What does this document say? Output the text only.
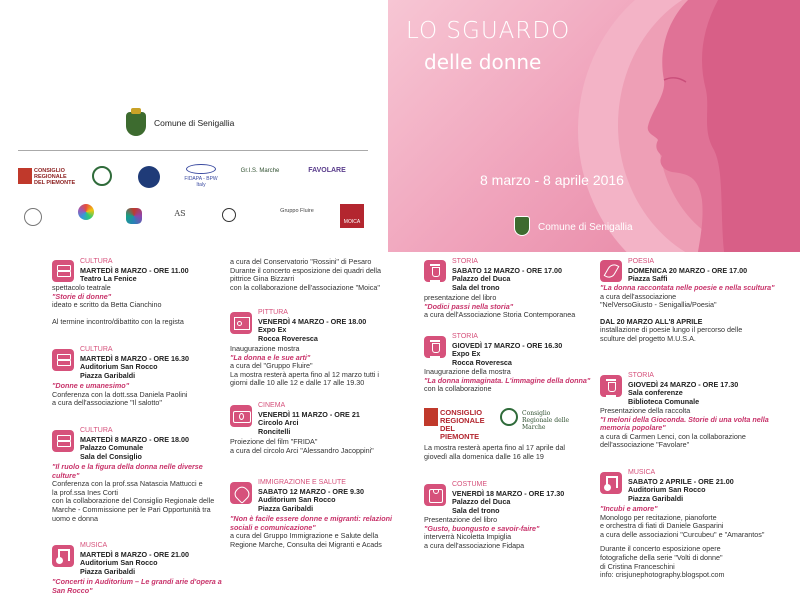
Comune di Senigallia
CONSIGLIO REGIONALE DEL PIEMONTE
FIDAPA - BPW Italy
Gr.I.S. Marche	FAVOLARE
AS	Gruppo Fluire
MOICA
LO SGUARDO
delle donne
8 marzo - 8 aprile 2016
Comune di Senigallia
CULTURA
MARTEDÌ 8 MARZO - ORE 11.00
Teatro La Fenice
spettacolo teatrale
"Storie di donne"
ideato e scritto da Betta Cianchino
Al termine incontro/dibattito con la regista
CULTURA
MARTEDÌ 8 MARZO - ORE 16.30
Auditorium San Rocco
Piazza Garibaldi
"Donne e umanesimo"
Conferenza con la dott.ssa Daniela Paolini
a cura dell'associazione "Il salotto"
CULTURA
MARTEDÌ 8 MARZO - ORE 18.00
Palazzo Comunale
Sala del Consiglio
"Il ruolo e la figura della donna nelle diverse culture"
Conferenza con la prof.ssa Natascia Mattucci e
la prof.ssa Ines Corti
con la collaborazione del Consiglio Regionale delle
Marche - Commissione per le Pari Opportunità tra
uomo e donna
MUSICA
MARTEDÌ 8 MARZO - ORE 21.00
Auditorium San Rocco
Piazza Garibaldi
"Concerti in Auditorium – Le grandi arie d'opera a San Rocco"
a cura del Conservatorio "Rossini" di Pesaro
Durante il concerto esposizione dei quadri della
pittrice Gina Bizzarri
con la collaborazione dell'associazione "Moica"
PITTURA
VENERDÌ 4 MARZO - ORE 18.00
Expo Ex
Rocca Roveresca
Inaugurazione mostra
"La donna e le sue arti"
a cura del "Gruppo Fluire"
La mostra resterà aperta fino al 12 marzo tutti i
giorni dalle 10 alle 12 e dalle 17 alle 19.30
CINEMA
VENERDÌ 11 MARZO - ORE 21
Circolo Arci
Roncitelli
Proiezione del film "FRIDA"
a cura del circolo Arci "Alessandro Jacoppini"
IMMIGRAZIONE E SALUTE
SABATO 12 MARZO - ORE 9.30
Auditorium San Rocco
Piazza Garibaldi
"Non è facile essere donne e migranti: relazioni sociali e comunicazione"
a cura del Gruppo Immigrazione e Salute della
Regione Marche, Consulta dei Migranti e Acads
STORIA
SABATO 12 MARZO - ORE 17.00
Palazzo del Duca
Sala del trono
presentazione del libro
"Dodici passi nella storia"
a cura dell'Associazione Storia Contemporanea
STORIA
GIOVEDÌ 17 MARZO - ORE 16.30
Expo Ex
Rocca Roveresca
Inaugurazione della mostra
"La donna immaginata. L'immagine della donna"
con la collaborazione
CONSIGLIO REGIONALE DEL PIEMONTE
Consiglio Regionale delle Marche
La mostra resterà aperta fino al 17 aprile dal
giovedì alla domenica dalle 16 alle 19
COSTUME
VENERDÌ 18 MARZO - ORE 17.30
Palazzo del Duca
Sala del trono
Presentazione del libro
"Gusto, buongusto e savoir-faire"
interverrà Nicoletta Impiglia
a cura dell'associazione Fidapa
POESIA
DOMENICA 20 MARZO - ORE 17.00
Piazza Saffi
"La donna raccontata nelle poesie e nella scultura"
a cura dell'associazione
"NelVersoGiusto - Senigallia/Poesia"
DAL 20 MARZO ALL'8 APRILE
installazione di poesie lungo il percorso delle
sculture del progetto M.U.S.A.
STORIA
GIOVEDÌ 24 MARZO - ORE 17.30
Sala conferenze
Biblioteca Comunale
Presentazione della raccolta
"I meloni della Gioconda. Storie di una volta nella memoria popolare"
a cura di Carmen Lenci, con la collaborazione
dell'associazione "Favolare"
MUSICA
SABATO 2 APRILE - ORE 21.00
Auditorium San Rocco
Piazza Garibaldi
"Incubi e amore"
Monologo per recitazione, pianoforte
e orchestra di fiati di Daniele Gasparini
a cura delle associazioni "Curcubeu" e "Amarantos"
Durante il concerto esposizione opere
fotografiche della serie "Volti di donne"
di Cristina Franceschini
info: crisjunephotography.blogspot.com
